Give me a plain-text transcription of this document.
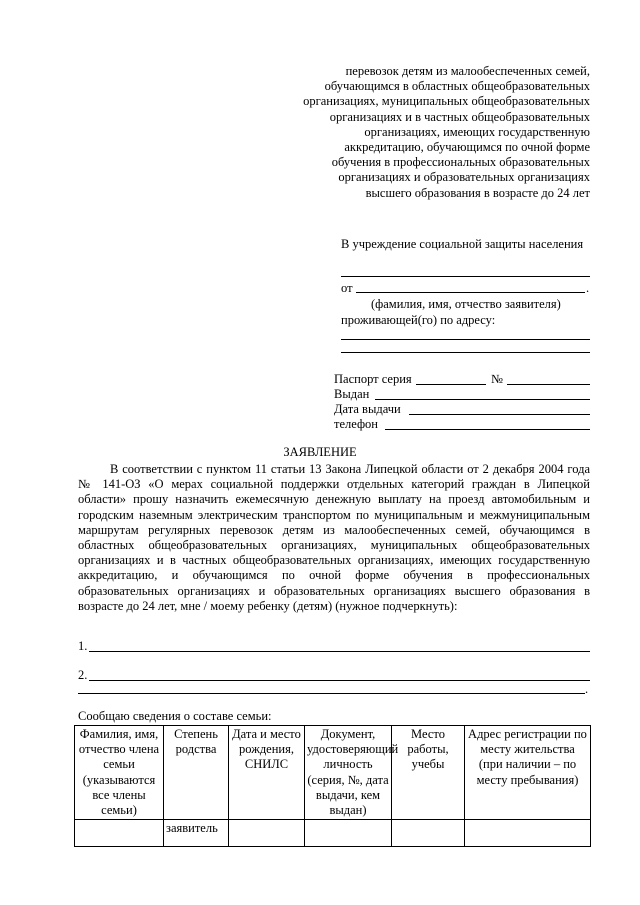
перевозок детям из малообеспеченных семей,
обучающимся в областных общеобразовательных
организациях, муниципальных общеобразовательных
организациях и в частных общеобразовательных
организациях, имеющих государственную
аккредитацию, обучающимся по очной форме
обучения в профессиональных образовательных
организациях и образовательных организациях
высшего образования в возрасте до 24 лет
В учреждение социальной защиты населения
от	.
(фамилия, имя, отчество заявителя)
проживающей(го) по адресу:
Паспорт серия	№
Выдан
Дата выдачи
телефон
ЗАЯВЛЕНИЕ
В соответствии с пунктом 11 статьи 13 Закона Липецкой области от 2 декабря 2004 года № 141-ОЗ «О мерах социальной поддержки отдельных категорий граждан в Липецкой области» прошу назначить ежемесячную денежную выплату на проезд автомобильным и городским наземным электрическим транспортом по муниципальным и межмуниципальным маршрутам регулярных перевозок детям из малообеспеченных семей, обучающимся в областных общеобразовательных организациях, муниципальных общеобразовательных организациях и в частных общеобразовательных организациях, имеющих государственную аккредитацию, и обучающимся по очной форме обучения в профессиональных образовательных организациях и образовательных организациях высшего образования в возрасте до 24 лет, мне / моему ребенку (детям) (нужное подчеркнуть):
1.
2.
.
Сообщаю сведения о составе семьи:
Фамилия, имя, отчество члена семьи (указываются все члены семьи)	Степень родства	Дата и место рождения, СНИЛС	Документ, удостоверяющий личность (серия, №, дата выдачи, кем выдан)	Место работы, учебы	Адрес регистрации по месту жительства (при наличии – по месту пребывания)
	заявитель				
